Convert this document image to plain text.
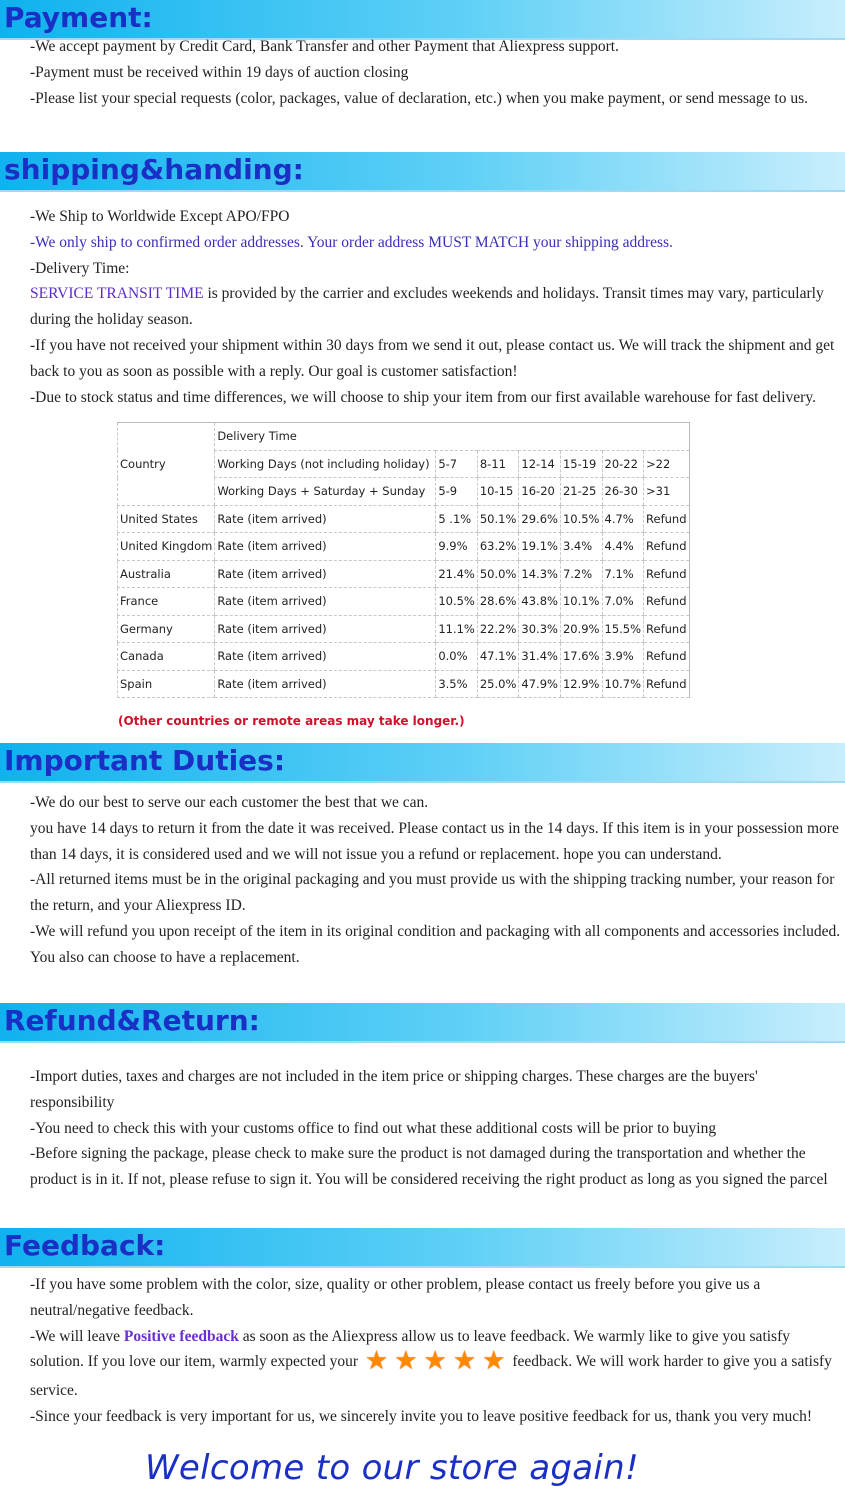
Payment:

-We accept payment by Credit Card, Bank Transfer and other Payment that Aliexpress support.

-Payment must be received within 19 days of auction closing

-Please list your special requests (color, packages, value of declaration, etc.) when you make payment, or send message to us.

shipping&handing:

-We Ship to Worldwide Except APO/FPO

-We only ship to confirmed order addresses. Your order address MUST MATCH your shipping address.

-Delivery Time:

SERVICE TRANSIT TIME is provided by the carrier and excludes weekends and holidays. Transit times may vary, particularly during the holiday season.

-If you have not received your shipment within 30 days from we send it out, please contact us. We will track the shipment and get back to you as soon as possible with a reply. Our goal is customer satisfaction!

-Due to stock status and time differences, we will choose to ship your item from our first available warehouse for fast delivery.

Country	Delivery Time						
	Working Days (not including holiday)	5-7	8-11	12-14	15-19	20-22	>22
	Working Days + Saturday + Sunday	5-9	10-15	16-20	21-25	26-30	>31
United States	Rate (item arrived)	5 .1%	50.1%	29.6%	10.5%	4.7%	Refund
United Kingdom	Rate (item arrived)	9.9%	63.2%	19.1%	3.4%	4.4%	Refund
Australia	Rate (item arrived)	21.4%	50.0%	14.3%	7.2%	7.1%	Refund
France	Rate (item arrived)	10.5%	28.6%	43.8%	10.1%	7.0%	Refund
Germany	Rate (item arrived)	11.1%	22.2%	30.3%	20.9%	15.5%	Refund
Canada	Rate (item arrived)	0.0%	47.1%	31.4%	17.6%	3.9%	Refund
Spain	Rate (item arrived)	3.5%	25.0%	47.9%	12.9%	10.7%	Refund
(Other countries or remote areas may take longer.)
Important Duties:

-We do our best to serve our each customer the best that we can.

you have 14 days to return it from the date it was received. Please contact us in the 14 days. If this item is in your possession more than 14 days, it is considered used and we will not issue you a refund or replacement. hope you can understand.

-All returned items must be in the original packaging and you must provide us with the shipping tracking number, your reason for the return, and your Aliexpress ID.

-We will refund you upon receipt of the item in its original condition and packaging with all components and accessories included. You also can choose to have a replacement.

Refund&Return:

-Import duties, taxes and charges are not included in the item price or shipping charges. These charges are the buyers' responsibility

-You need to check this with your customs office to find out what these additional costs will be prior to buying

-Before signing the package, please check to make sure the product is not damaged during the transportation and whether the product is in it. If not, please refuse to sign it. You will be considered receiving the right product as long as you signed the parcel

Feedback:

-If you have some problem with the color, size, quality or other problem, please contact us freely before you give us a neutral/negative feedback.

-We will leave Positive feedback as soon as the Aliexpress allow us to leave feedback. We warmly like to give you satisfy solution. If you love our item, warmly expected your ★ ★ ★ ★ ★ feedback. We will work harder to give you a satisfy service.

-Since your feedback is very important for us, we sincerely invite you to leave positive feedback for us, thank you very much!

Welcome to our store again!
